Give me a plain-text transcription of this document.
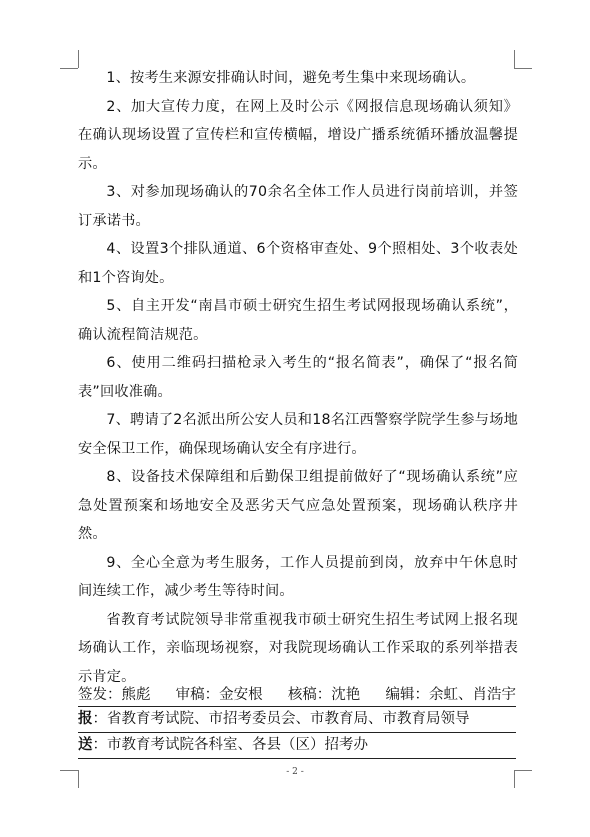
1、按考生来源安排确认时间，避免考生集中来现场确认。

2、加大宣传力度，在网上及时公示《网报信息现场确认须知》在确认现场设置了宣传栏和宣传横幅，增设广播系统循环播放温馨提示。

3、对参加现场确认的70余名全体工作人员进行岗前培训，并签订承诺书。

4、设置3个排队通道、6个资格审查处、9个照相处、3个收表处和1个咨询处。

5、自主开发“南昌市硕士研究生招生考试网报现场确认系统”，确认流程简洁规范。

6、使用二维码扫描枪录入考生的“报名简表”，确保了“报名简表”回收准确。

7、聘请了2名派出所公安人员和18名江西警察学院学生参与场地安全保卫工作，确保现场确认安全有序进行。

8、设备技术保障组和后勤保卫组提前做好了“现场确认系统”应急处置预案和场地安全及恶劣天气应急处置预案，现场确认秩序井然。

9、全心全意为考生服务，工作人员提前到岗，放弃中午休息时间连续工作，减少考生等待时间。

省教育考试院领导非常重视我市硕士研究生招生考试网上报名现场确认工作，亲临现场视察，对我院现场确认工作采取的系列举措表示肯定。

签发：熊彪 审稿：金安根 核稿：沈艳 编辑：余虹、肖浩宇
报：省教育考试院、市招考委员会、市教育局、市教育局领导
送：市教育考试院各科室、各县（区）招考办
- 2 -
